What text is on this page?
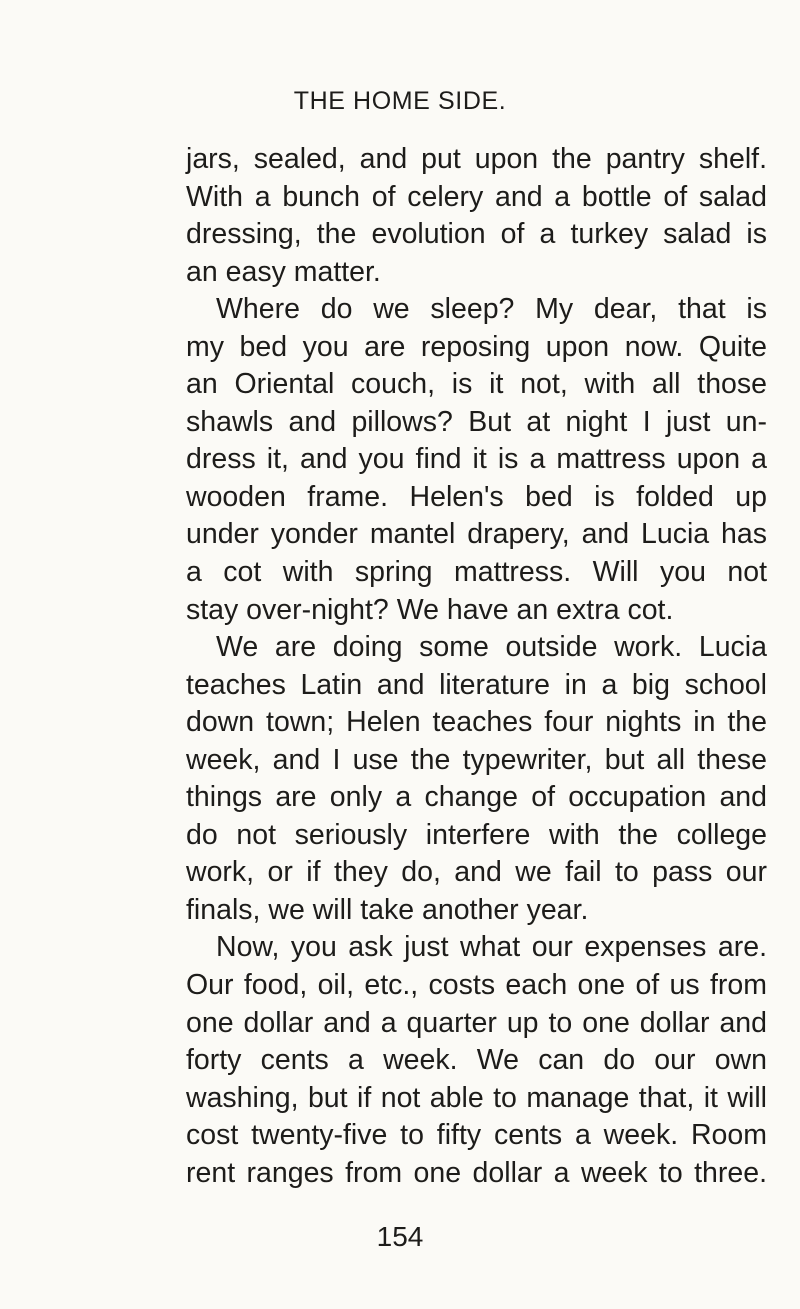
THE HOME SIDE.
jars, sealed, and put upon the pantry shelf.
With a bunch of celery and a bottle of salad
dressing, the evolution of a turkey salad is
an easy matter.
Where do we sleep? My dear, that is
my bed you are reposing upon now. Quite
an Oriental couch, is it not, with all those
shawls and pillows? But at night I just un-
dress it, and you find it is a mattress upon a
wooden frame. Helen's bed is folded up
under yonder mantel drapery, and Lucia has
a cot with spring mattress. Will you not
stay over-night? We have an extra cot.
We are doing some outside work. Lucia
teaches Latin and literature in a big school
down town; Helen teaches four nights in the
week, and I use the typewriter, but all these
things are only a change of occupation and
do not seriously interfere with the college
work, or if they do, and we fail to pass our
finals, we will take another year.
Now, you ask just what our expenses are.
Our food, oil, etc., costs each one of us from
one dollar and a quarter up to one dollar and
forty cents a week. We can do our own
washing, but if not able to manage that, it will
cost twenty-five to fifty cents a week. Room
rent ranges from one dollar a week to three.
154
